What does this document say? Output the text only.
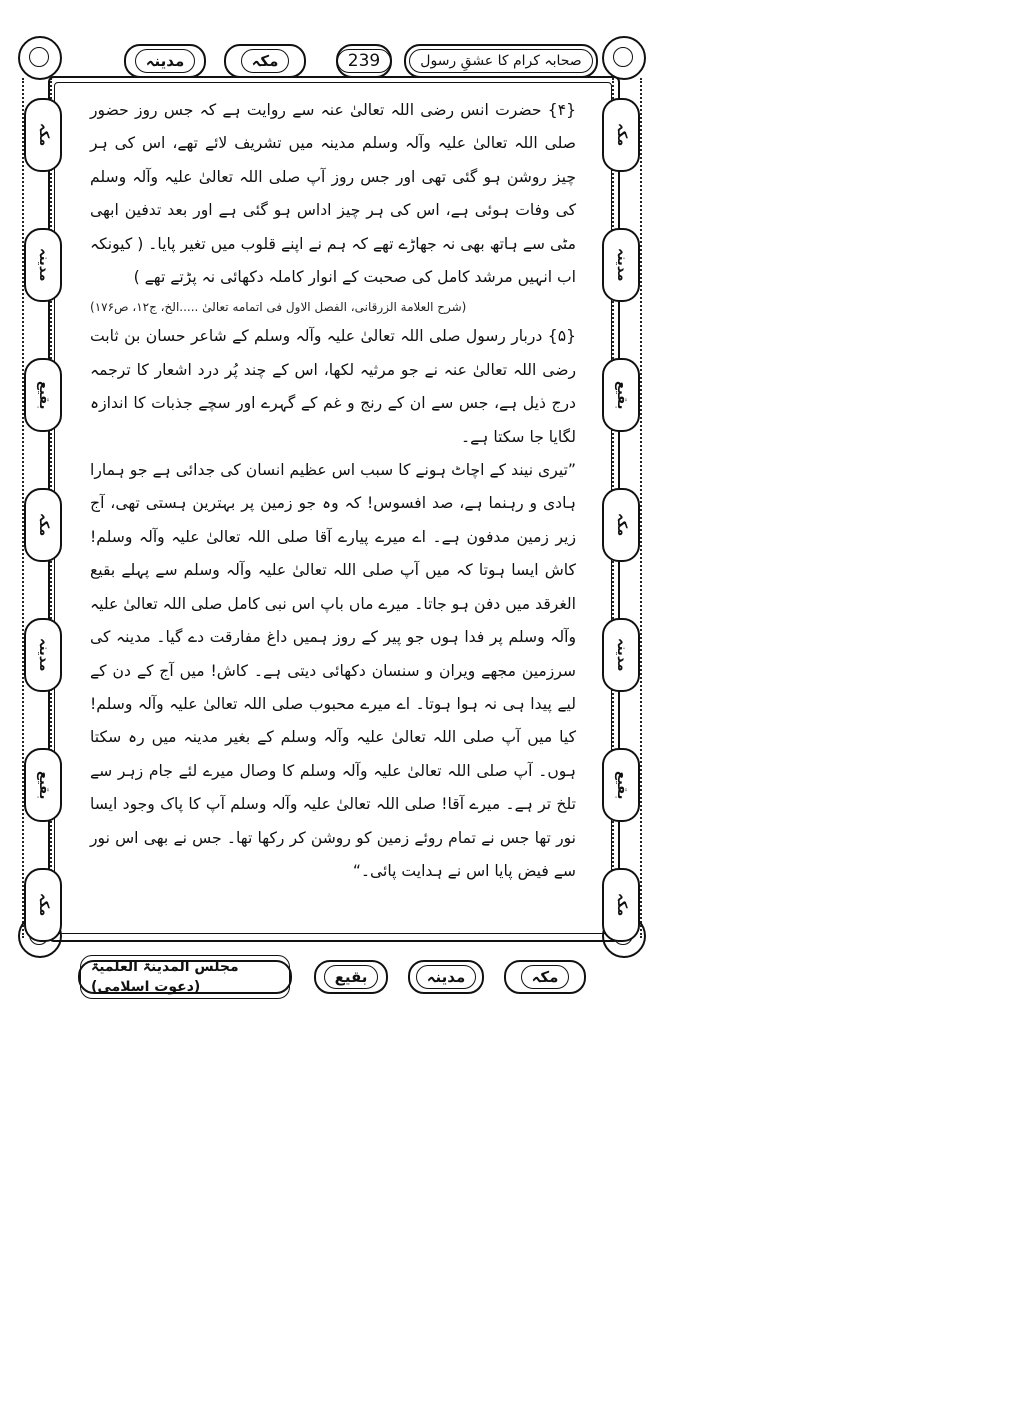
مدینہ	مکہ	239	صحابہ کرام کا عشقِ رسول
مکہ
مدینہ
بقیع
مکہ
مدینہ
بقیع
مکہ
مکہ
مدینہ
بقیع
مکہ
مدینہ
بقیع
مکہ

{۴} حضرت انس رضی اللہ تعالیٰ عنہ سے روایت ہے کہ جس روز حضور صلی اللہ تعالیٰ علیہ وآلہ وسلم مدینہ میں تشریف لائے تھے، اس کی ہر چیز روشن ہو گئی تھی اور جس روز آپ صلی اللہ تعالیٰ علیہ وآلہ وسلم کی وفات ہوئی ہے، اس کی ہر چیز اداس ہو گئی ہے اور بعد تدفین ابھی مٹی سے ہاتھ بھی نہ جھاڑے تھے کہ ہم نے اپنے قلوب میں تغیر پایا۔ ( کیونکہ اب انہیں مرشد کامل کی صحبت کے انوار کاملہ دکھائی نہ پڑتے تھے )

(شرح العلامة الزرقانی، الفصل الاول فی اتمامه تعالیٰ .....الخ، ج۱۲، ص۱۷۶)

{۵} دربار رسول صلی اللہ تعالیٰ علیہ وآلہ وسلم کے شاعر حسان بن ثابت رضی اللہ تعالیٰ عنہ نے جو مرثیہ لکھا، اس کے چند پُر درد اشعار کا ترجمہ درج ذیل ہے، جس سے ان کے رنج و غم کے گہرے اور سچے جذبات کا اندازہ لگایا جا سکتا ہے۔

”تیری نیند کے اچاٹ ہونے کا سبب اس عظیم انسان کی جدائی ہے جو ہمارا ہادی و رہنما ہے، صد افسوس! کہ وہ جو زمین پر بہترین ہستی تھی، آج زیر زمین مدفون ہے۔ اے میرے پیارے آقا صلی اللہ تعالیٰ علیہ وآلہ وسلم! کاش ایسا ہوتا کہ میں آپ صلی اللہ تعالیٰ علیہ وآلہ وسلم سے پہلے بقیع الغرقد میں دفن ہو جاتا۔ میرے ماں باپ اس نبی کامل صلی اللہ تعالیٰ علیہ وآلہ وسلم پر فدا ہوں جو پیر کے روز ہمیں داغ مفارقت دے گیا۔ مدینہ کی سرزمین مجھے ویران و سنسان دکھائی دیتی ہے۔ کاش! میں آج کے دن کے لیے پیدا ہی نہ ہوا ہوتا۔ اے میرے محبوب صلی اللہ تعالیٰ علیہ وآلہ وسلم! کیا میں آپ صلی اللہ تعالیٰ علیہ وآلہ وسلم کے بغیر مدینہ میں رہ سکتا ہوں۔ آپ صلی اللہ تعالیٰ علیہ وآلہ وسلم کا وصال میرے لئے جام زہر سے تلخ تر ہے۔ میرے آقا! صلی اللہ تعالیٰ علیہ وآلہ وسلم آپ کا پاک وجود ایسا نور تھا جس نے تمام روئے زمین کو روشن کر رکھا تھا۔ جس نے بھی اس نور سے فیض پایا اس نے ہدایت پائی۔“

مجلس المدینۃ العلمیۃ (دعوتِ اسلامی)
بقیع	مدینہ	مکہ
